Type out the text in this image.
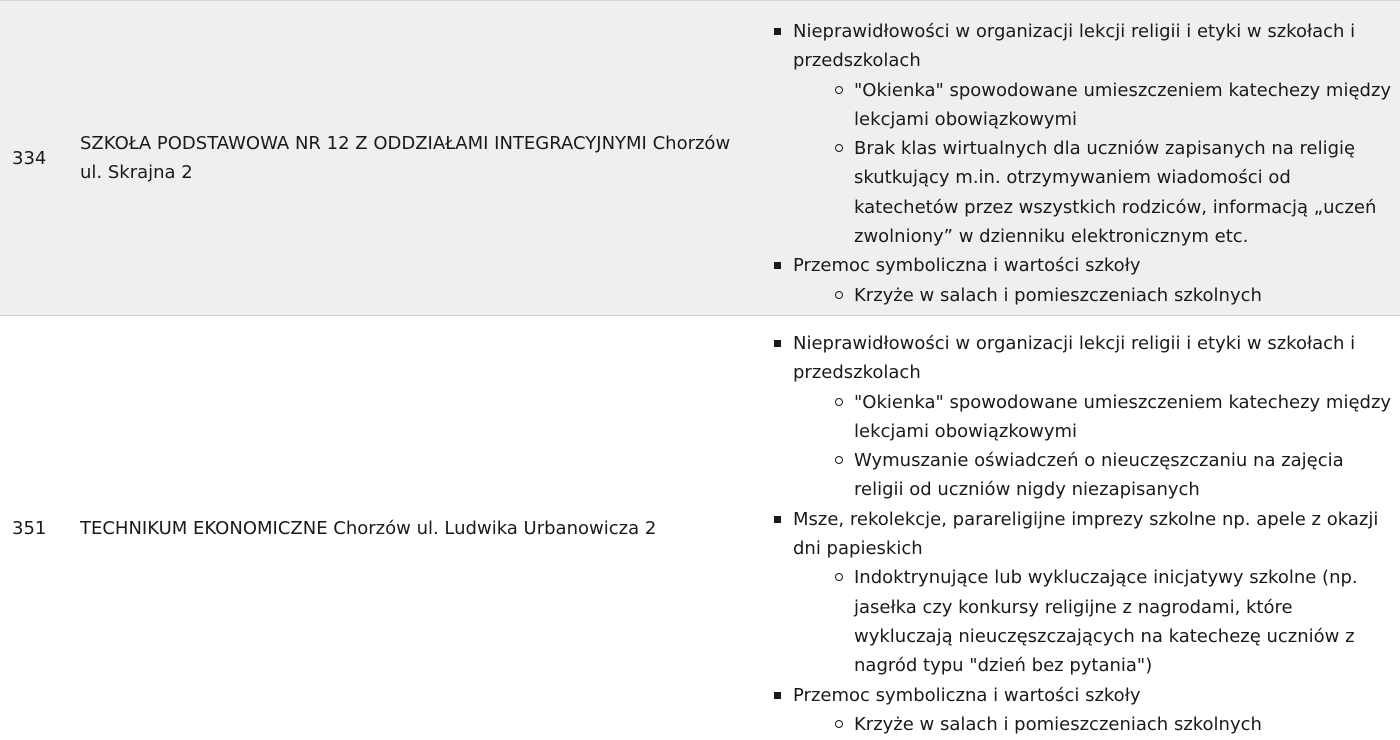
334
SZKOŁA PODSTAWOWA NR 12 Z ODDZIAŁAMI INTEGRACYJNYMI Chorzów ul. Skrajna 2
Nieprawidłowości w organizacji lekcji religii i etyki w szkołach i przedszkolach
"Okienka" spowodowane umieszczeniem katechezy między lekcjami obowiązkowymi
Brak klas wirtualnych dla uczniów zapisanych na religię skutkujący m.in. otrzymywaniem wiadomości od katechetów przez wszystkich rodziców, informacją „uczeń zwolniony” w dzienniku elektronicznym etc.
Przemoc symboliczna i wartości szkoły
Krzyże w salach i pomieszczeniach szkolnych
351	TECHNIKUM EKONOMICZNE Chorzów ul. Ludwika Urbanowicza 2
Nieprawidłowości w organizacji lekcji religii i etyki w szkołach i przedszkolach
"Okienka" spowodowane umieszczeniem katechezy między lekcjami obowiązkowymi
Wymuszanie oświadczeń o nieuczęszczaniu na zajęcia religii od uczniów nigdy niezapisanych
Msze, rekolekcje, parareligijne imprezy szkolne np. apele z okazji dni papieskich
Indoktrynujące lub wykluczające inicjatywy szkolne (np. jasełka czy konkursy religijne z nagrodami, które wykluczają nieuczęszczających na katechezę uczniów z nagród typu "dzień bez pytania")
Przemoc symboliczna i wartości szkoły
Krzyże w salach i pomieszczeniach szkolnych
